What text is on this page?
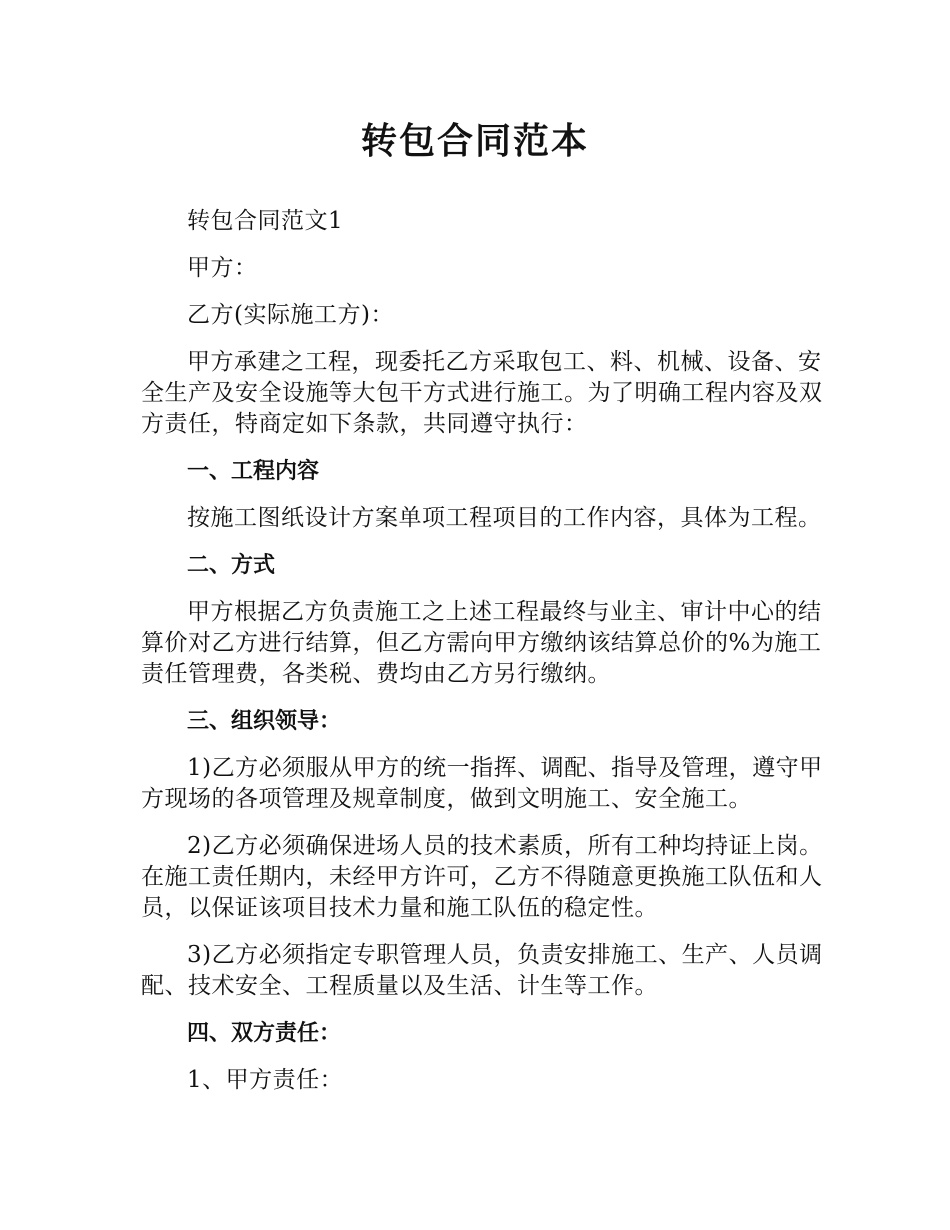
转包合同范本

转包合同范文1

甲方：

乙方(实际施工方)：

甲方承建之工程，现委托乙方采取包工、料、机械、设备、安全生产及安全设施等大包干方式进行施工。为了明确工程内容及双方责任，特商定如下条款，共同遵守执行：

一、工程内容

按施工图纸设计方案单项工程项目的工作内容，具体为工程。

二、方式

甲方根据乙方负责施工之上述工程最终与业主、审计中心的结算价对乙方进行结算，但乙方需向甲方缴纳该结算总价的%为施工责任管理费，各类税、费均由乙方另行缴纳。

三、组织领导：

1)乙方必须服从甲方的统一指挥、调配、指导及管理，遵守甲方现场的各项管理及规章制度，做到文明施工、安全施工。

2)乙方必须确保进场人员的技术素质，所有工种均持证上岗。在施工责任期内，未经甲方许可，乙方不得随意更换施工队伍和人员，以保证该项目技术力量和施工队伍的稳定性。

3)乙方必须指定专职管理人员，负责安排施工、生产、人员调配、技术安全、工程质量以及生活、计生等工作。

四、双方责任：

1、甲方责任：
